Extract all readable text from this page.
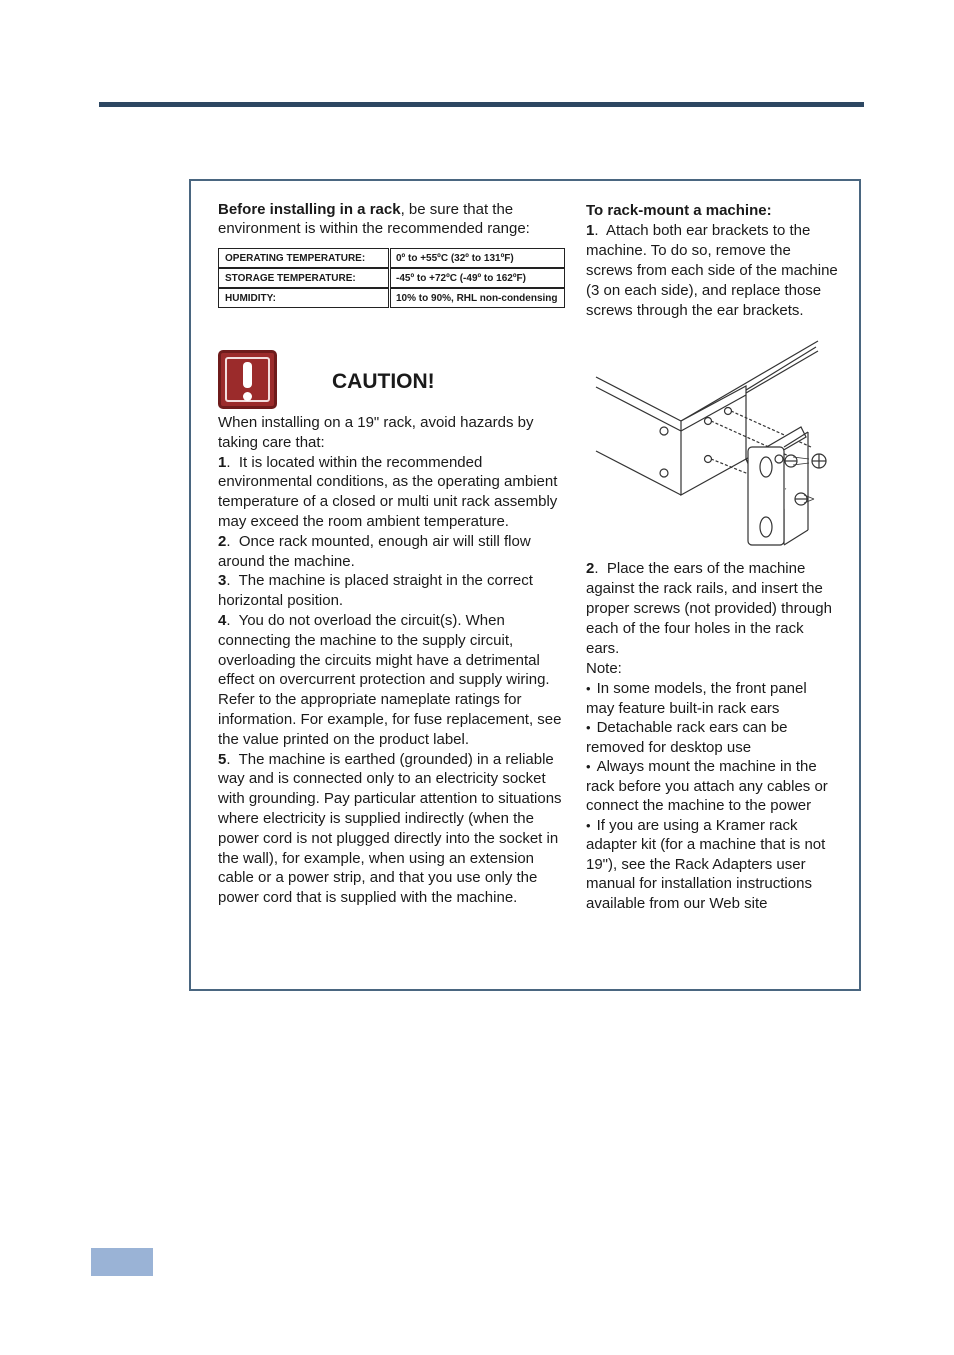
Before installing in a rack, be sure that the environment is within the recommended range:

OPERATING TEMPERATURE:		0º to +55ºC (32º to 131ºF)
STORAGE TEMPERATURE:		-45º to +72ºC (-49º to 162ºF)
HUMIDITY:		10% to 90%, RHL non-condensing
CAUTION!

When installing on a 19" rack, avoid hazards by taking care that:

1.  It is located within the recommended environmental conditions, as the operating ambient temperature of a closed or multi unit rack assembly may exceed the room ambient temperature.

2.  Once rack mounted, enough air will still flow around the machine.

3.  The machine is placed straight in the correct horizontal position.

4.  You do not overload the circuit(s). When connecting the machine to the supply circuit, overloading the circuits might have a detrimental effect on overcurrent protection and supply wiring. Refer to the appropriate nameplate ratings for information. For example, for fuse replacement, see the value printed on the product label.

5.  The machine is earthed (grounded) in a reliable way and is connected only to an electricity socket with grounding. Pay particular attention to situations where electricity is supplied indirectly (when the power cord is not plugged directly into the socket in the wall), for example, when using an extension cable or a power strip, and that you use only the power cord that is supplied with the machine.

To rack-mount a machine:

1.  Attach both ear brackets to the machine. To do so, remove the screws from each side of the machine (3 on each side), and replace those screws through the ear brackets.

2.  Place the ears of the machine against the rack rails, and insert the proper screws (not provided) through each of the four holes in the rack ears.

Note:

• In some models, the front panel may feature built-in rack ears

• Detachable rack ears can be removed for desktop use

• Always mount the machine in the rack before you attach any cables or connect the machine to the power

• If you are using a Kramer rack adapter kit (for a machine that is not 19"), see the Rack Adapters user manual for installation instructions available from our Web site
